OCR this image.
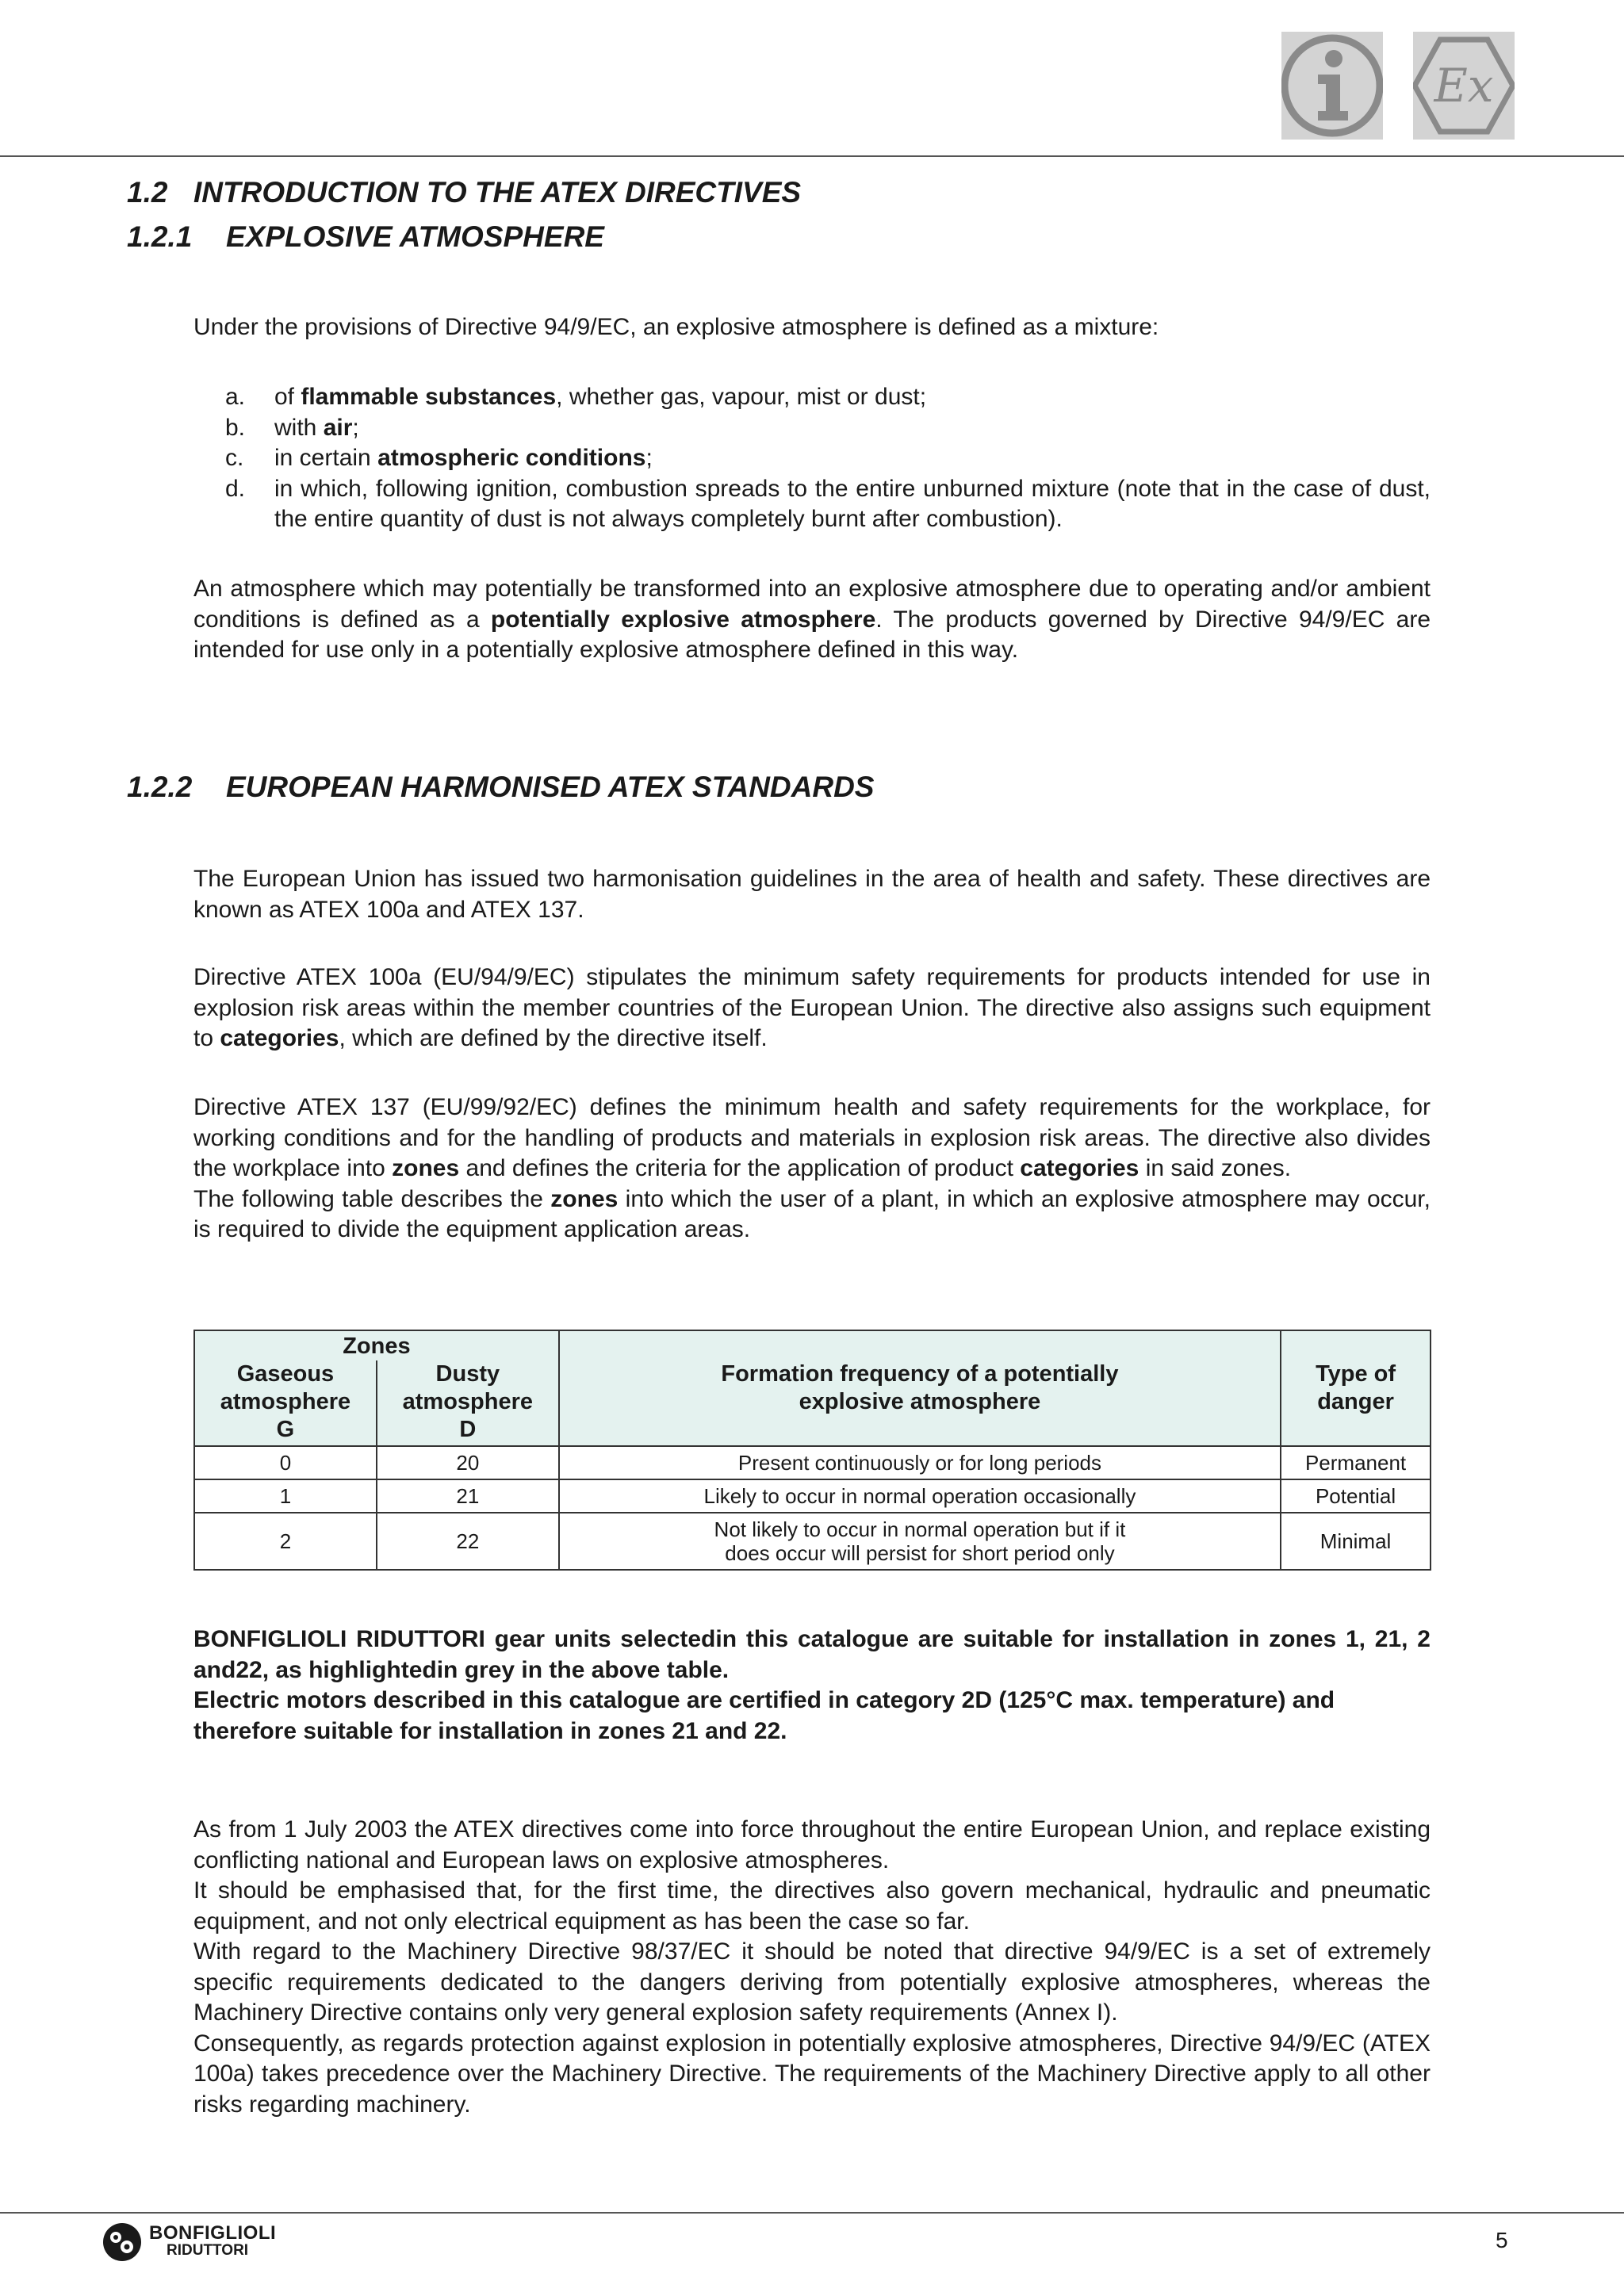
Ex
1.2 INTRODUCTION TO THE ATEX DIRECTIVES
1.2.1 EXPLOSIVE ATMOSPHERE

Under the provisions of Directive 94/9/EC, an explosive atmosphere is defined as a mixture:

a. of flammable substances, whether gas, vapour, mist or dust;
b. with air;
c. in certain atmospheric conditions;
d. in which, following ignition, combustion spreads to the entire unburned mixture (note that in the case of dust, the entire quantity of dust is not always completely burnt after combustion).

An atmosphere which may potentially be transformed into an explosive atmosphere due to operating and/or ambient conditions is defined as a potentially explosive atmosphere. The products governed by Directive 94/9/EC are intended for use only in a potentially explosive atmosphere defined in this way.

1.2.2 EUROPEAN HARMONISED ATEX STANDARDS

The European Union has issued two harmonisation guidelines in the area of health and safety. These directives are known as ATEX 100a and ATEX 137.

Directive ATEX 100a (EU/94/9/EC) stipulates the minimum safety requirements for products intended for use in explosion risk areas within the member countries of the European Union. The directive also assigns such equipment to categories, which are defined by the directive itself.

Directive ATEX 137 (EU/99/92/EC) defines the minimum health and safety requirements for the workplace, for working conditions and for the handling of products and materials in explosion risk areas. The directive also divides the workplace into zones and defines the criteria for the application of product categories in said zones.

The following table describes the zones into which the user of a plant, in which an explosive atmosphere may occur, is required to divide the equipment application areas.

Zones		Formation frequency of a potentially explosive atmosphere	Type of danger
Gaseous atmosphere G	Dusty atmosphere D		
0	20	Present continuously or for long periods	Permanent
1	21	Likely to occur in normal operation occasionally	Potential
2	22	Not likely to occur in normal operation but if it does occur will persist for short period only	Minimal

BONFIGLIOLI RIDUTTORI gear units selectedin this catalogue are suitable for installation in zones 1, 21, 2 and22, as highlightedin grey in the above table.

Electric motors described in this catalogue are certified in category 2D (125°C max. temperature) and

therefore suitable for installation in zones 21 and 22.

As from 1 July 2003 the ATEX directives come into force throughout the entire European Union, and replace existing conflicting national and European laws on explosive atmospheres.

It should be emphasised that, for the first time, the directives also govern mechanical, hydraulic and pneumatic equipment, and not only electrical equipment as has been the case so far.

With regard to the Machinery Directive 98/37/EC it should be noted that directive 94/9/EC is a set of extremely specific requirements dedicated to the dangers deriving from potentially explosive atmospheres, whereas the Machinery Directive contains only very general explosion safety requirements (Annex I).

Consequently, as regards protection against explosion in potentially explosive atmospheres, Directive 94/9/EC (ATEX 100a) takes precedence over the Machinery Directive. The requirements of the Machinery Directive apply to all other risks regarding machinery.

BONFIGLIOLI
RIDUTTORI	5
